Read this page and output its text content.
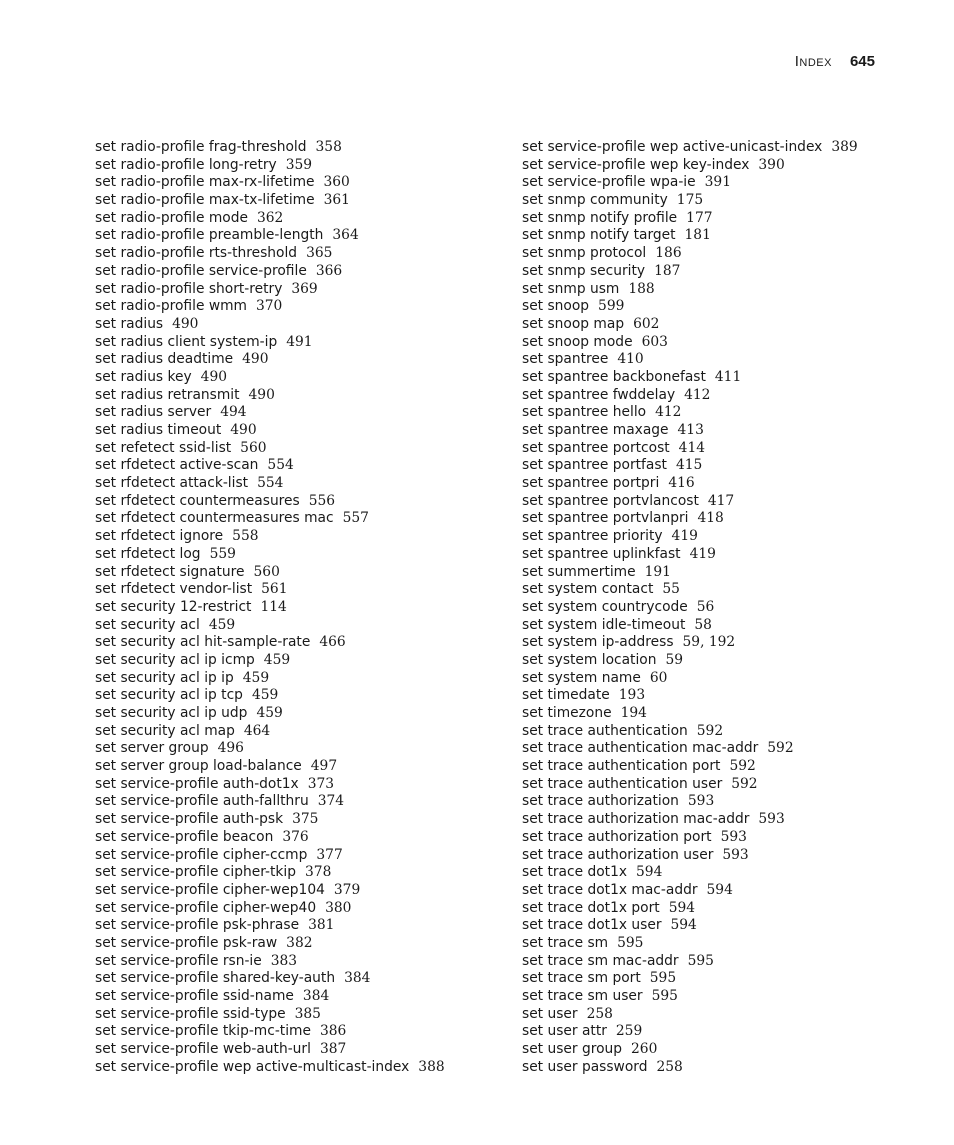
Index 645
set radio-profile frag-threshold 358
set radio-profile long-retry 359
set radio-profile max-rx-lifetime 360
set radio-profile max-tx-lifetime 361
set radio-profile mode 362
set radio-profile preamble-length 364
set radio-profile rts-threshold 365
set radio-profile service-profile 366
set radio-profile short-retry 369
set radio-profile wmm 370
set radius 490
set radius client system-ip 491
set radius deadtime 490
set radius key 490
set radius retransmit 490
set radius server 494
set radius timeout 490
set refetect ssid-list 560
set rfdetect active-scan 554
set rfdetect attack-list 554
set rfdetect countermeasures 556
set rfdetect countermeasures mac 557
set rfdetect ignore 558
set rfdetect log 559
set rfdetect signature 560
set rfdetect vendor-list 561
set security 12-restrict 114
set security acl 459
set security acl hit-sample-rate 466
set security acl ip icmp 459
set security acl ip ip 459
set security acl ip tcp 459
set security acl ip udp 459
set security acl map 464
set server group 496
set server group load-balance 497
set service-profile auth-dot1x 373
set service-profile auth-fallthru 374
set service-profile auth-psk 375
set service-profile beacon 376
set service-profile cipher-ccmp 377
set service-profile cipher-tkip 378
set service-profile cipher-wep104 379
set service-profile cipher-wep40 380
set service-profile psk-phrase 381
set service-profile psk-raw 382
set service-profile rsn-ie 383
set service-profile shared-key-auth 384
set service-profile ssid-name 384
set service-profile ssid-type 385
set service-profile tkip-mc-time 386
set service-profile web-auth-url 387
set service-profile wep active-multicast-index 388
set service-profile wep active-unicast-index 389
set service-profile wep key-index 390
set service-profile wpa-ie 391
set snmp community 175
set snmp notify profile 177
set snmp notify target 181
set snmp protocol 186
set snmp security 187
set snmp usm 188
set snoop 599
set snoop map 602
set snoop mode 603
set spantree 410
set spantree backbonefast 411
set spantree fwddelay 412
set spantree hello 412
set spantree maxage 413
set spantree portcost 414
set spantree portfast 415
set spantree portpri 416
set spantree portvlancost 417
set spantree portvlanpri 418
set spantree priority 419
set spantree uplinkfast 419
set summertime 191
set system contact 55
set system countrycode 56
set system idle-timeout 58
set system ip-address 59, 192
set system location 59
set system name 60
set timedate 193
set timezone 194
set trace authentication 592
set trace authentication mac-addr 592
set trace authentication port 592
set trace authentication user 592
set trace authorization 593
set trace authorization mac-addr 593
set trace authorization port 593
set trace authorization user 593
set trace dot1x 594
set trace dot1x mac-addr 594
set trace dot1x port 594
set trace dot1x user 594
set trace sm 595
set trace sm mac-addr 595
set trace sm port 595
set trace sm user 595
set user 258
set user attr 259
set user group 260
set user password 258
